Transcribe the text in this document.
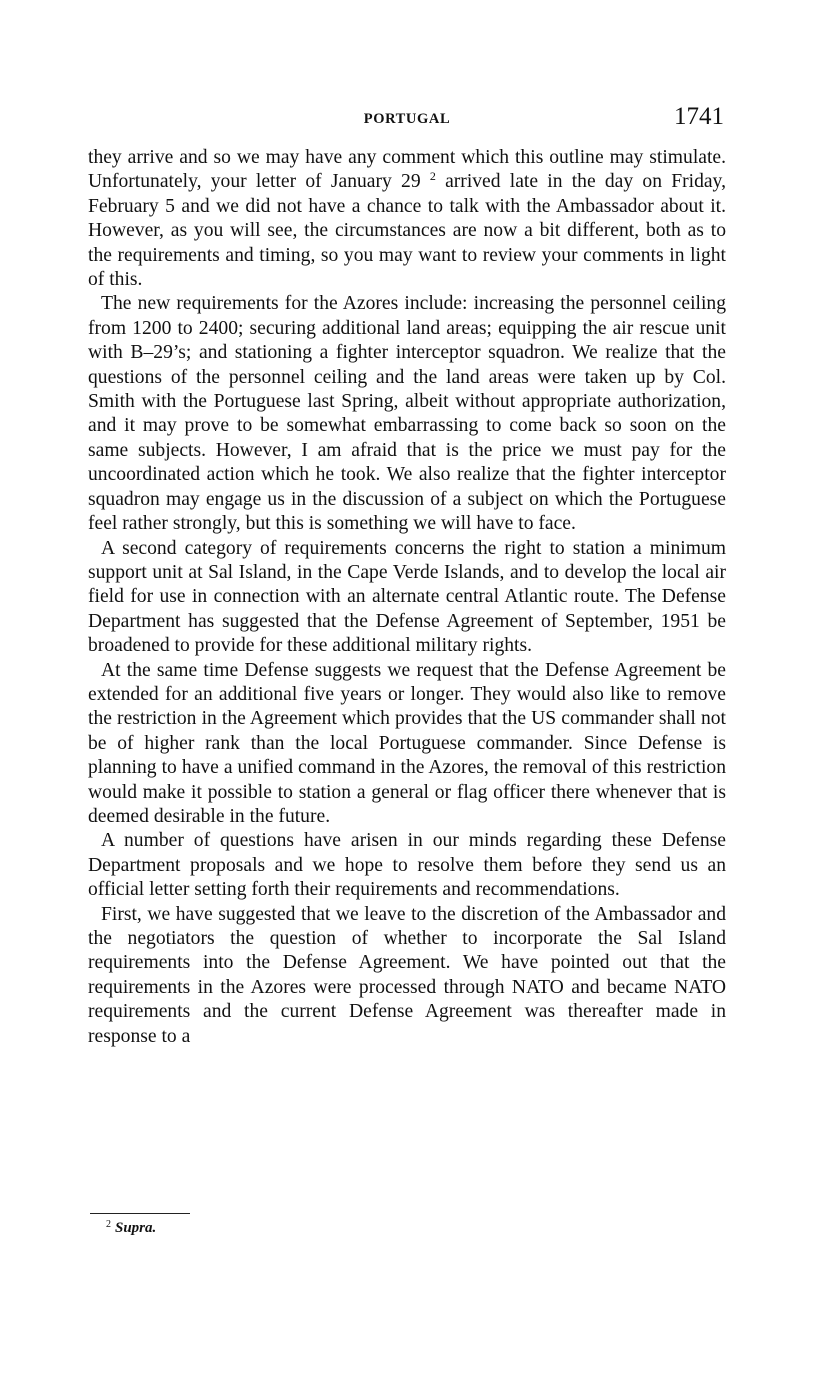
PORTUGAL	1741

they arrive and so we may have any comment which this outline may stimulate. Unfortunately, your letter of January 29 $^2$ arrived late in the day on Friday, February 5 and we did not have a chance to talk with the Ambassador about it. However, as you will see, the circumstances are now a bit different, both as to the requirements and timing, so you may want to review your comments in light of this.

The new requirements for the Azores include: increasing the personnel ceiling from 1200 to 2400; securing additional land areas; equipping the air rescue unit with B–29’s; and stationing a fighter interceptor squadron. We realize that the questions of the personnel ceiling and the land areas were taken up by Col. Smith with the Portuguese last Spring, albeit without appropriate authorization, and it may prove to be somewhat embarrassing to come back so soon on the same subjects. However, I am afraid that is the price we must pay for the uncoordinated action which he took. We also realize that the fighter interceptor squadron may engage us in the discussion of a subject on which the Portuguese feel rather strongly, but this is something we will have to face.

A second category of requirements concerns the right to station a minimum support unit at Sal Island, in the Cape Verde Islands, and to develop the local air field for use in connection with an alternate central Atlantic route. The Defense Department has suggested that the Defense Agreement of September, 1951 be broadened to provide for these additional military rights.

At the same time Defense suggests we request that the Defense Agreement be extended for an additional five years or longer. They would also like to remove the restriction in the Agreement which provides that the US commander shall not be of higher rank than the local Portuguese commander. Since Defense is planning to have a unified command in the Azores, the removal of this restriction would make it possible to station a general or flag officer there whenever that is deemed desirable in the future.

A number of questions have arisen in our minds regarding these Defense Department proposals and we hope to resolve them before they send us an official letter setting forth their requirements and recommendations.

First, we have suggested that we leave to the discretion of the Ambassador and the negotiators the question of whether to incorporate the Sal Island requirements into the Defense Agreement. We have pointed out that the requirements in the Azores were processed through NATO and became NATO requirements and the current Defense Agreement was thereafter made in response to a

$^2$ Supra.
